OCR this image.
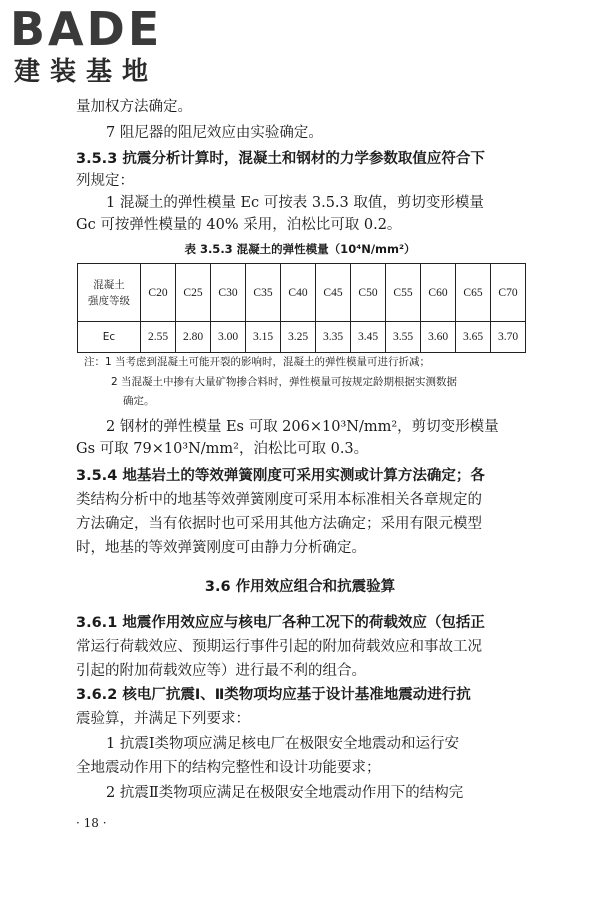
BADE
建装基地
量加权方法确定。
7 阻尼器的阻尼效应由实验确定。
3.5.3 抗震分析计算时，混凝土和钢材的力学参数取值应符合下
列规定：
1 混凝土的弹性模量 Ec 可按表 3.5.3 取值，剪切变形模量
Gc 可按弹性模量的 40% 采用，泊松比可取 0.2。
表 3.5.3 混凝土的弹性模量（10⁴N/mm²）
混凝土
强度等级	C20	C25	C30	C35	C40	C45	C50	C55	C60	C65	C70
Ec	2.55	2.80	3.00	3.15	3.25	3.35	3.45	3.55	3.60	3.65	3.70
注：1 当考虑到混凝土可能开裂的影响时，混凝土的弹性模量可进行折减；
2 当混凝土中掺有大量矿物掺合料时，弹性模量可按规定龄期根据实测数据
确定。
2 钢材的弹性模量 Es 可取 206×10³N/mm²，剪切变形模量
Gs 可取 79×10³N/mm²，泊松比可取 0.3。
3.5.4 地基岩土的等效弹簧刚度可采用实测或计算方法确定；各
类结构分析中的地基等效弹簧刚度可采用本标准相关各章规定的
方法确定，当有依据时也可采用其他方法确定；采用有限元模型
时，地基的等效弹簧刚度可由静力分析确定。
3.6 作用效应组合和抗震验算
3.6.1 地震作用效应应与核电厂各种工况下的荷载效应（包括正
常运行荷载效应、预期运行事件引起的附加荷载效应和事故工况
引起的附加荷载效应等）进行最不利的组合。
3.6.2 核电厂抗震Ⅰ、Ⅱ类物项均应基于设计基准地震动进行抗
震验算，并满足下列要求：
1 抗震Ⅰ类物项应满足核电厂在极限安全地震动和运行安
全地震动作用下的结构完整性和设计功能要求；
2 抗震Ⅱ类物项应满足在极限安全地震动作用下的结构完
· 18 ·
